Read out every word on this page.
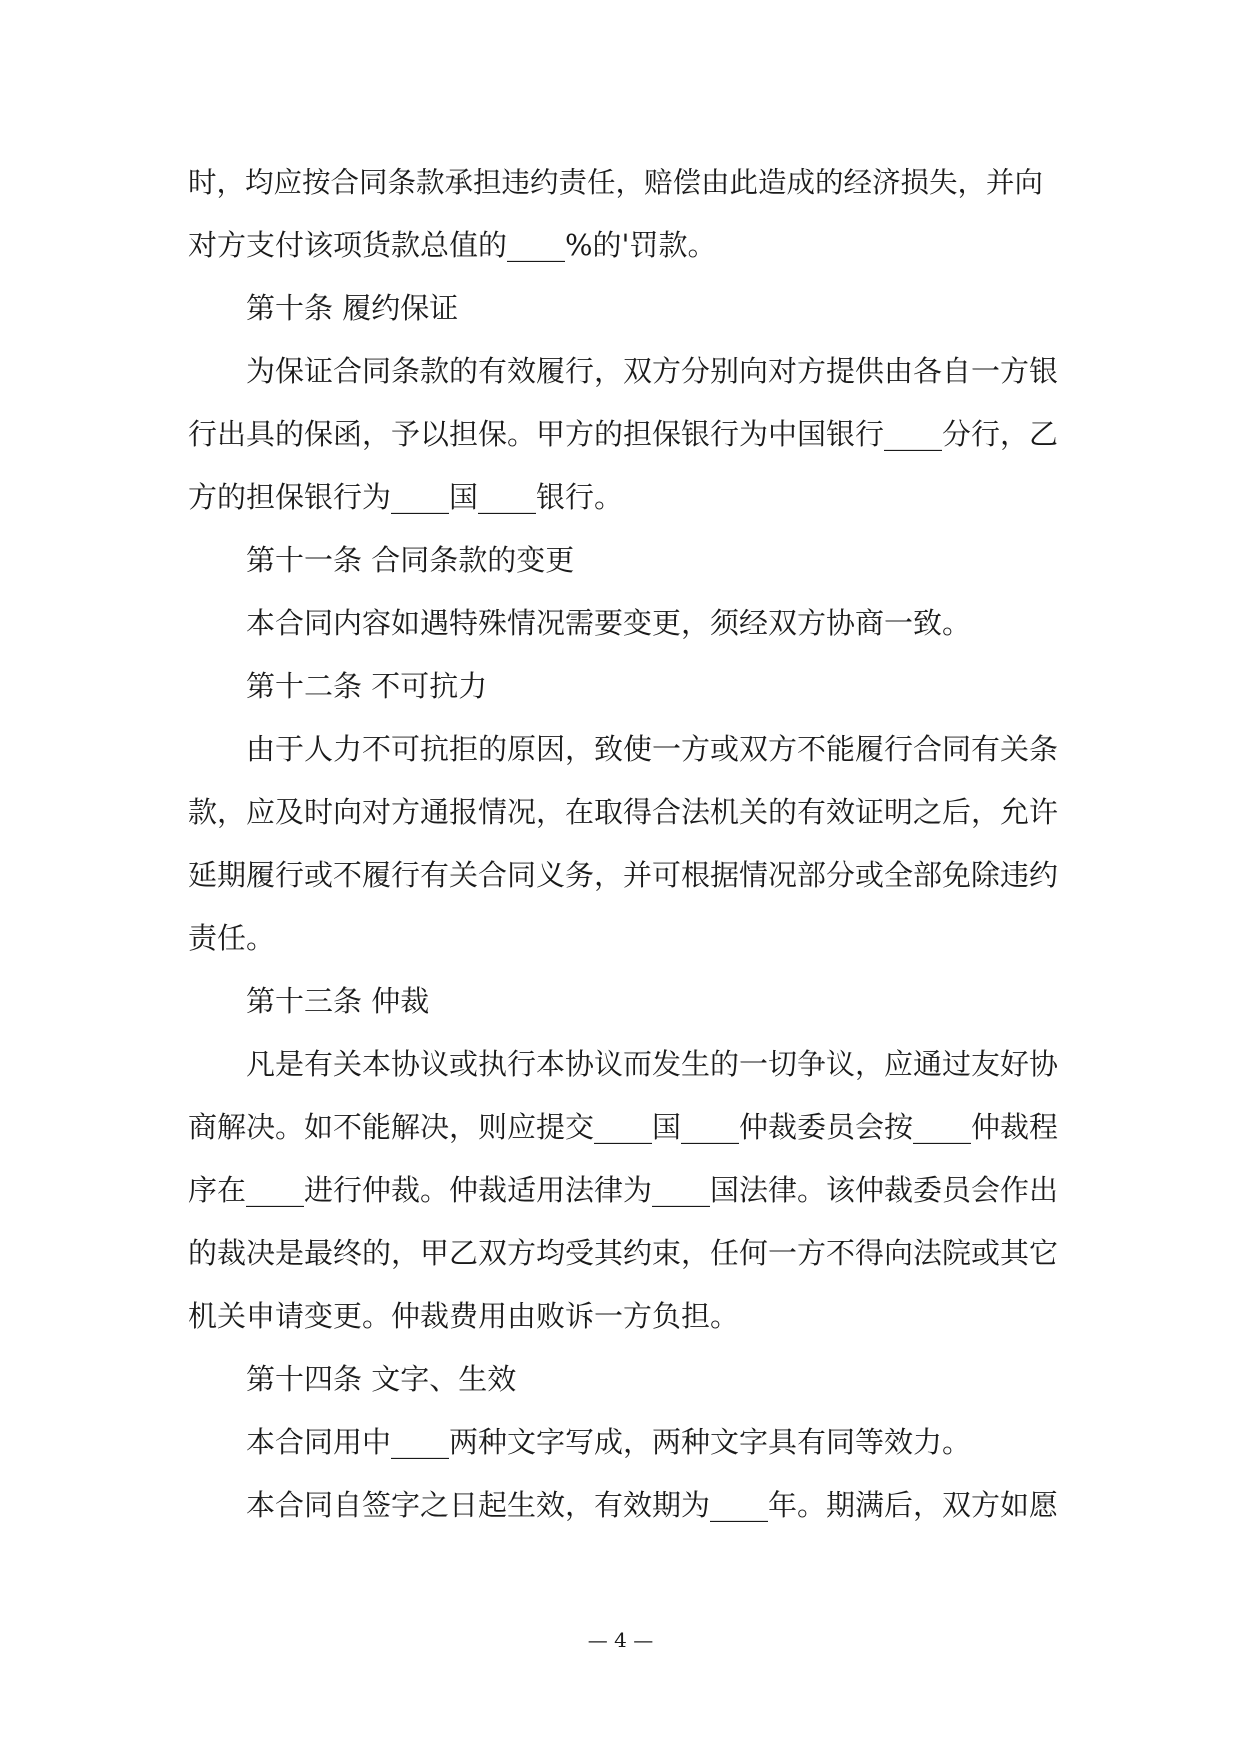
时，均应按合同条款承担违约责任，赔偿由此造成的经济损失，并向
对方支付该项货款总值的____%的'罚款。
第十条 履约保证
为保证合同条款的有效履行，双方分别向对方提供由各自一方银
行出具的保函，予以担保。甲方的担保银行为中国银行____分行，乙
方的担保银行为____国____银行。
第十一条 合同条款的变更
本合同内容如遇特殊情况需要变更，须经双方协商一致。
第十二条 不可抗力
由于人力不可抗拒的原因，致使一方或双方不能履行合同有关条
款，应及时向对方通报情况，在取得合法机关的有效证明之后，允许
延期履行或不履行有关合同义务，并可根据情况部分或全部免除违约
责任。
第十三条 仲裁
凡是有关本协议或执行本协议而发生的一切争议，应通过友好协
商解决。如不能解决，则应提交____国____仲裁委员会按____仲裁程
序在____进行仲裁。仲裁适用法律为____国法律。该仲裁委员会作出
的裁决是最终的，甲乙双方均受其约束，任何一方不得向法院或其它
机关申请变更。仲裁费用由败诉一方负担。
第十四条 文字、生效
本合同用中____两种文字写成，两种文字具有同等效力。
本合同自签字之日起生效，有效期为____年。期满后，双方如愿
— 4 —
